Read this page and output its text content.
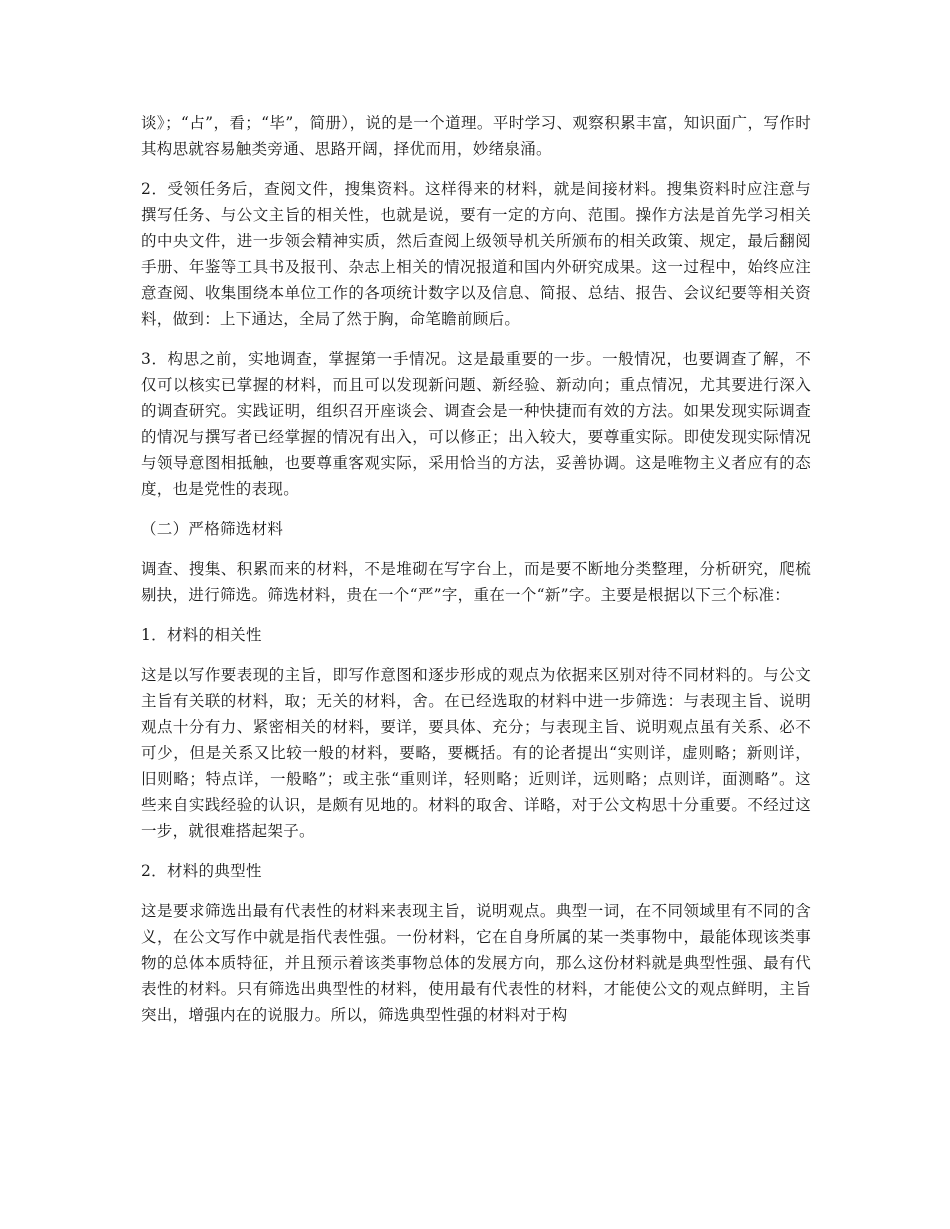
谈》；“占”，看；“毕”，简册），说的是一个道理。平时学习、观察积累丰富，知识面广，写作时其构思就容易触类旁通、思路开阔，择优而用，妙绪泉涌。

2．受领任务后，查阅文件，搜集资料。这样得来的材料，就是间接材料。搜集资料时应注意与撰写任务、与公文主旨的相关性，也就是说，要有一定的方向、范围。操作方法是首先学习相关的中央文件，进一步领会精神实质，然后查阅上级领导机关所颁布的相关政策、规定，最后翻阅手册、年鉴等工具书及报刊、杂志上相关的情况报道和国内外研究成果。这一过程中，始终应注意查阅、收集围绕本单位工作的各项统计数字以及信息、简报、总结、报告、会议纪要等相关资料，做到：上下通达，全局了然于胸，命笔瞻前顾后。

3．构思之前，实地调查，掌握第一手情况。这是最重要的一步。一般情况，也要调查了解，不仅可以核实已掌握的材料，而且可以发现新问题、新经验、新动向；重点情况，尤其要进行深入的调查研究。实践证明，组织召开座谈会、调查会是一种快捷而有效的方法。如果发现实际调查的情况与撰写者已经掌握的情况有出入，可以修正；出入较大，要尊重实际。即使发现实际情况与领导意图相抵触，也要尊重客观实际，采用恰当的方法，妥善协调。这是唯物主义者应有的态度，也是党性的表现。

（二）严格筛选材料

调查、搜集、积累而来的材料，不是堆砌在写字台上，而是要不断地分类整理，分析研究，爬梳剔抉，进行筛选。筛选材料，贵在一个“严”字，重在一个“新”字。主要是根据以下三个标准：

1．材料的相关性

这是以写作要表现的主旨，即写作意图和逐步形成的观点为依据来区别对待不同材料的。与公文主旨有关联的材料，取；无关的材料，舍。在已经选取的材料中进一步筛选：与表现主旨、说明观点十分有力、紧密相关的材料，要详，要具体、充分；与表现主旨、说明观点虽有关系、必不可少，但是关系又比较一般的材料，要略，要概括。有的论者提出“实则详，虚则略；新则详，旧则略；特点详，一般略”；或主张“重则详，轻则略；近则详，远则略；点则详，面测略”。这些来自实践经验的认识，是颇有见地的。材料的取舍、详略，对于公文构思十分重要。不经过这一步，就很难搭起架子。

2．材料的典型性

这是要求筛选出最有代表性的材料来表现主旨，说明观点。典型一词，在不同领域里有不同的含义，在公文写作中就是指代表性强。一份材料，它在自身所属的某一类事物中，最能体现该类事物的总体本质特征，并且预示着该类事物总体的发展方向，那么这份材料就是典型性强、最有代表性的材料。只有筛选出典型性的材料，使用最有代表性的材料，才能使公文的观点鲜明，主旨突出，增强内在的说服力。所以，筛选典型性强的材料对于构
